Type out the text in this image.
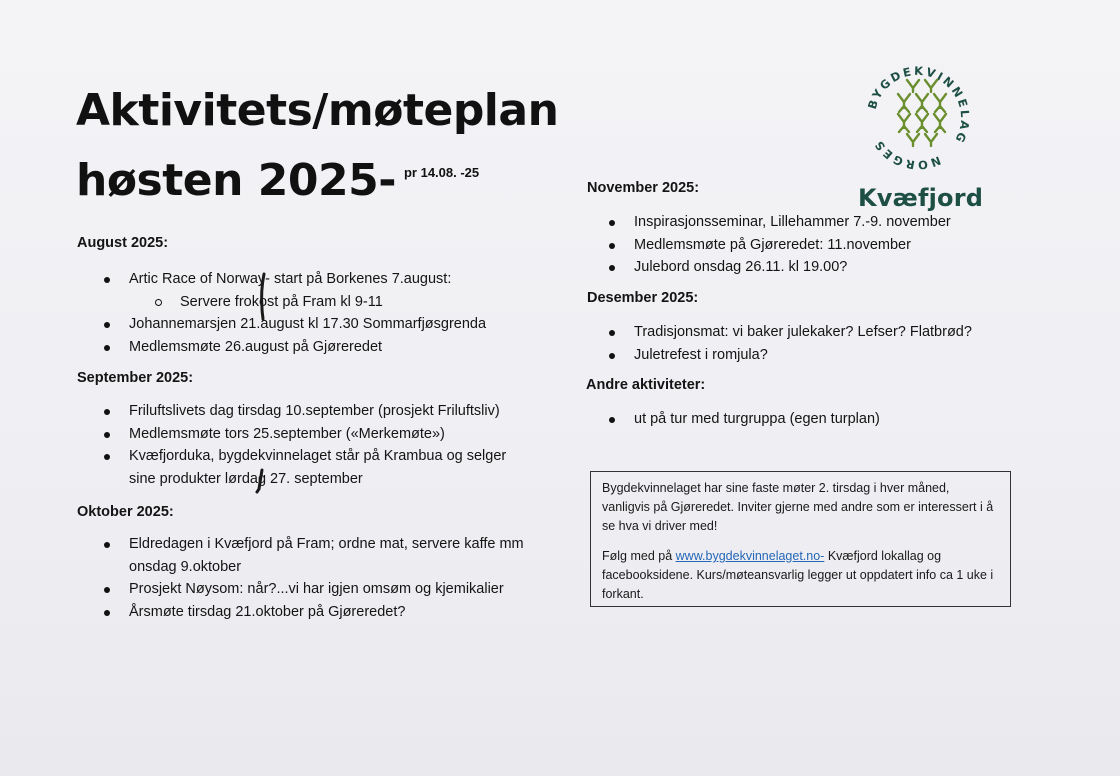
Aktivitets/møteplan
høsten 2025- $^{pr 14.08. -25}$
BYGDEKVINNELAG
NORGES
Kvæfjord
August 2025:
Artic Race of Norway- start på Borkenes 7.august:
Servere frokost på Fram kl 9-11
Johannemarsjen 21.august kl 17.30 Sommarfjøsgrenda
Medlemsmøte 26.august på Gjøreredet
September 2025:
Friluftslivets dag tirsdag 10.september (prosjekt Friluftsliv)
Medlemsmøte tors 25.september («Merkemøte»)
Kvæfjorduka, bygdekvinnelaget står på Krambua og selger
sine produkter lørdag 27. september
Oktober 2025:
Eldredagen i Kvæfjord på Fram; ordne mat, servere kaffe mm
onsdag 9.oktober
Prosjekt Nøysom: når?...vi har igjen omsøm og kjemikalier
Årsmøte tirsdag 21.oktober på Gjøreredet?
November 2025:
Inspirasjonsseminar, Lillehammer 7.-9. november
Medlemsmøte på Gjøreredet: 11.november
Julebord onsdag 26.11. kl 19.00?
Desember 2025:
Tradisjonsmat: vi baker julekaker? Lefser? Flatbrød?
Juletrefest i romjula?
Andre aktiviteter:
ut på tur med turgruppa (egen turplan)

Bygdekvinnelaget har sine faste møter 2. tirsdag i hver måned, vanligvis på Gjøreredet. Inviter gjerne med andre som er interessert i å se hva vi driver med!

Følg med på www.bygdekvinnelaget.no- Kvæfjord lokallag og facebooksidene. Kurs/møteansvarlig legger ut oppdatert info ca 1 uke i forkant.
